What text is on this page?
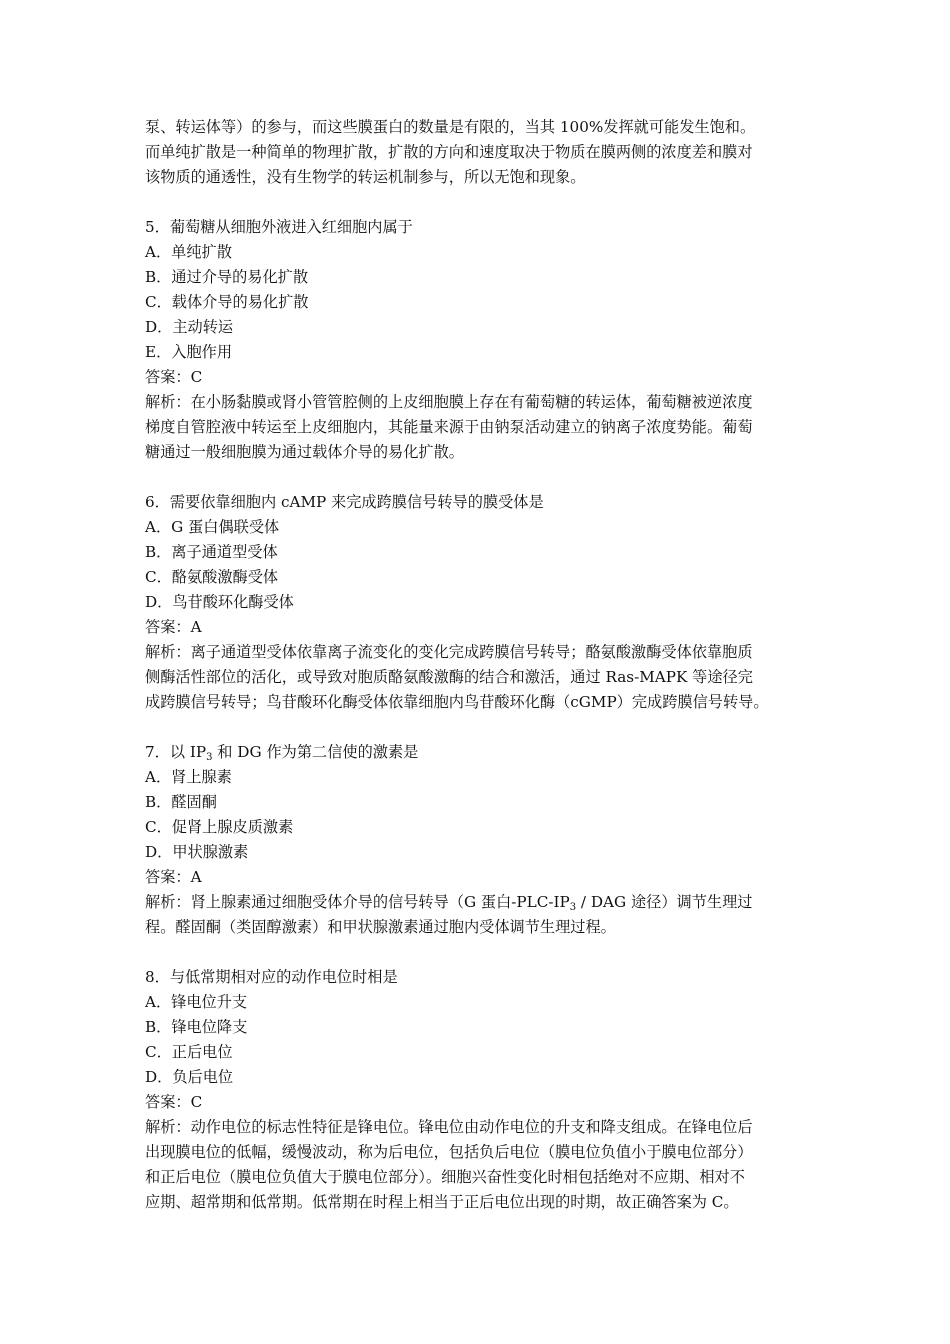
泵、转运体等）的参与，而这些膜蛋白的数量是有限的，当其 100%发挥就可能发生饱和。
而单纯扩散是一种简单的物理扩散，扩散的方向和速度取决于物质在膜两侧的浓度差和膜对
该物质的通透性，没有生物学的转运机制参与，所以无饱和现象。
5．葡萄糖从细胞外液进入红细胞内属于
A．单纯扩散
B．通过介导的易化扩散
C．载体介导的易化扩散
D．主动转运
E．入胞作用
答案：C
解析：在小肠黏膜或肾小管管腔侧的上皮细胞膜上存在有葡萄糖的转运体，葡萄糖被逆浓度
梯度自管腔液中转运至上皮细胞内，其能量来源于由钠泵活动建立的钠离子浓度势能。葡萄
糖通过一般细胞膜为通过载体介导的易化扩散。
6．需要依靠细胞内 cAMP 来完成跨膜信号转导的膜受体是
A．G 蛋白偶联受体
B．离子通道型受体
C．酪氨酸激酶受体
D．鸟苷酸环化酶受体
答案：A
解析：离子通道型受体依靠离子流变化的变化完成跨膜信号转导；酪氨酸激酶受体依靠胞质
侧酶活性部位的活化，或导致对胞质酪氨酸激酶的结合和激活，通过 Ras-MAPK 等途径完
成跨膜信号转导；鸟苷酸环化酶受体依靠细胞内鸟苷酸环化酶（cGMP）完成跨膜信号转导。
7．以 $IP_3$ 和 DG 作为第二信使的激素是
A．肾上腺素
B．醛固酮
C．促肾上腺皮质激素
D．甲状腺激素
答案：A
解析：肾上腺素通过细胞受体介导的信号转导（G 蛋白$-PLC-IP_3$ / DAG 途径）调节生理过
程。醛固酮（类固醇激素）和甲状腺激素通过胞内受体调节生理过程。
8．与低常期相对应的动作电位时相是
A．锋电位升支
B．锋电位降支
C．正后电位
D．负后电位
答案：C
解析：动作电位的标志性特征是锋电位。锋电位由动作电位的升支和降支组成。在锋电位后
出现膜电位的低幅，缓慢波动，称为后电位，包括负后电位（膜电位负值小于膜电位部分）
和正后电位（膜电位负值大于膜电位部分）。细胞兴奋性变化时相包括绝对不应期、相对不
应期、超常期和低常期。低常期在时程上相当于正后电位出现的时期，故正确答案为 C。
